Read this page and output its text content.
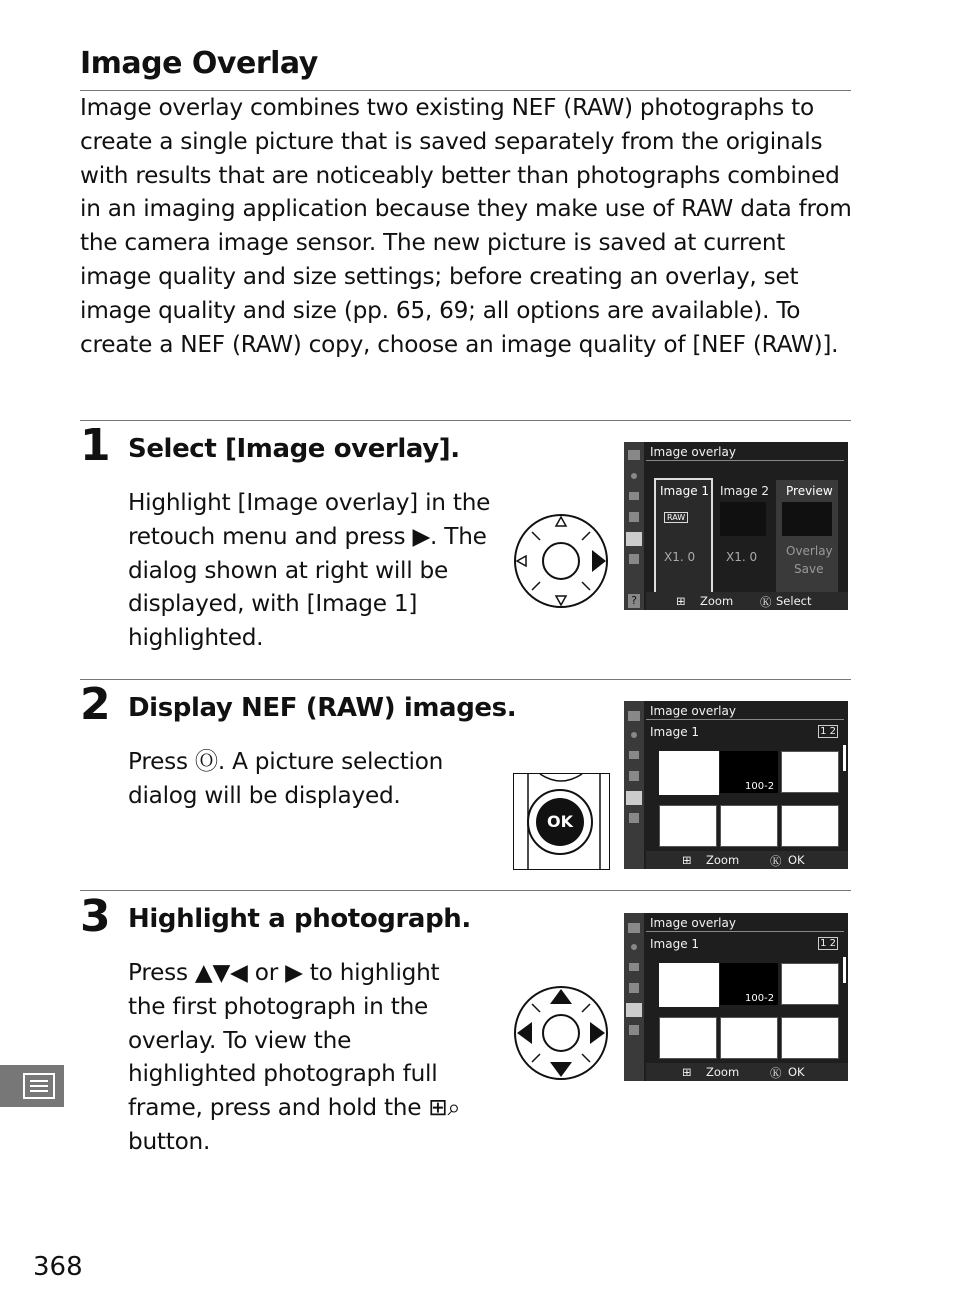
Image Overlay

Image overlay combines two existing NEF (RAW) photographs to create a single picture that is saved separately from the originals with results that are noticeably better than photographs combined in an imaging application because they make use of RAW data from the camera image sensor. The new picture is saved at current image quality and size settings; before creating an overlay, set image quality and size (pp. 65, 69; all options are available). To create a NEF (RAW) copy, choose an image quality of [NEF (RAW)].

1 Select [Image overlay].

Highlight [Image overlay] in the retouch menu and press ▶. The dialog shown at right will be displayed, with [Image 1] highlighted.

?
Image overlay
Image 1
RAW
X1. 0
Image 2
X1. 0
Preview
Overlay
Save
⊞ Zoom Ⓚ Select
2 Display NEF (RAW) images.

Press Ⓞ. A picture selection dialog will be displayed.

OK
Image overlay
Image 1	1 2
100-1	100-2	100-3
100-4	100-5	100-6
⊞ Zoom	Ⓚ OK
3 Highlight a photograph.

Press ▲▼◀ or ▶ to highlight the first photograph in the overlay. To view the highlighted photograph full frame, press and hold the ⊞⌕ button.

Image overlay
Image 1	1 2
100-1	100-2	100-3
100-4	100-5	100-6
⊞ Zoom	Ⓚ OK
368
